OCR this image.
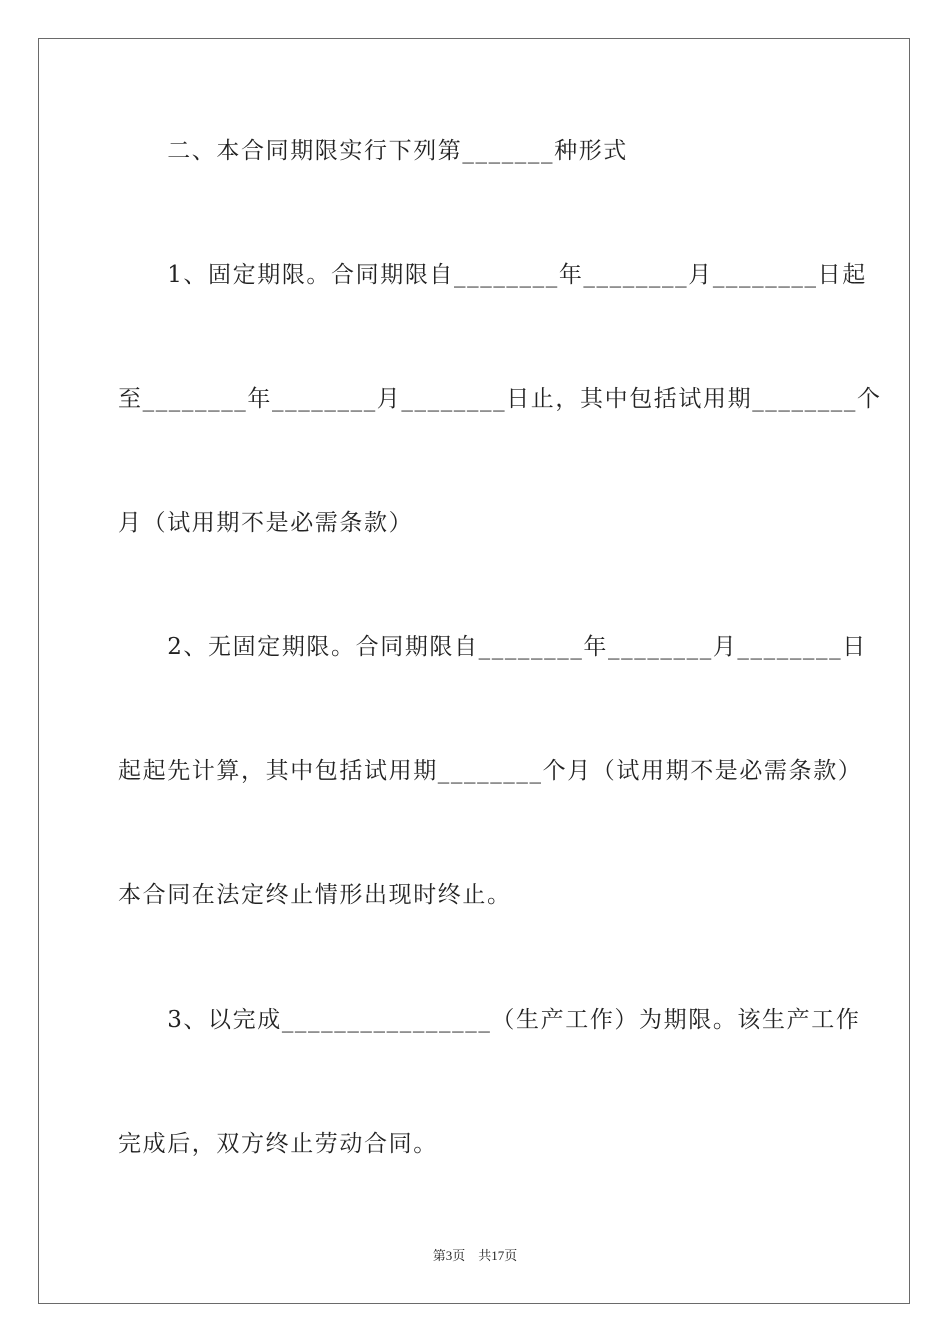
　　二、本合同期限实行下列第_______种形式

　　1、固定期限。合同期限自________年________月________日起

至________年________月________日止，其中包括试用期________个

月（试用期不是必需条款）

　　2、无固定期限。合同期限自________年________月________日

起起先计算，其中包括试用期________个月（试用期不是必需条款）

本合同在法定终止情形出现时终止。

　　3、以完成________________（生产工作）为期限。该生产工作

完成后，双方终止劳动合同。

第3页　共17页
